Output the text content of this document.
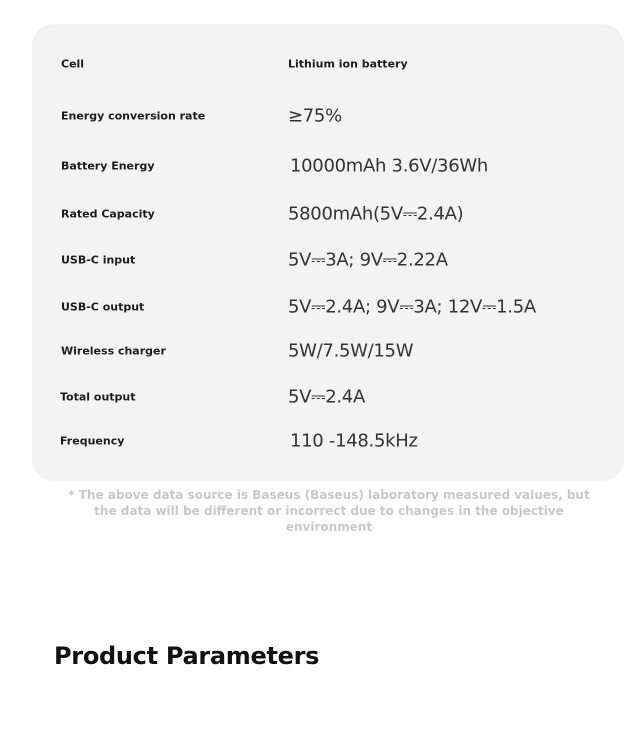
Cell	Lithium ion battery
Energy conversion rate	≥75%
Battery Energy	10000mAh 3.6V/36Wh
Rated Capacity	5800mAh(5V⎓2.4A)
USB-C input	5V⎓3A; 9V⎓2.22A
USB-C output	5V⎓2.4A; 9V⎓3A; 12V⎓1.5A
Wireless charger	5W/7.5W/15W
Total output	5V⎓2.4A
Frequency	110 -148.5kHz
* The above data source is Baseus (Baseus) laboratory measured values, but the data will be different or incorrect due to changes in the objective environment
Product Parameters
